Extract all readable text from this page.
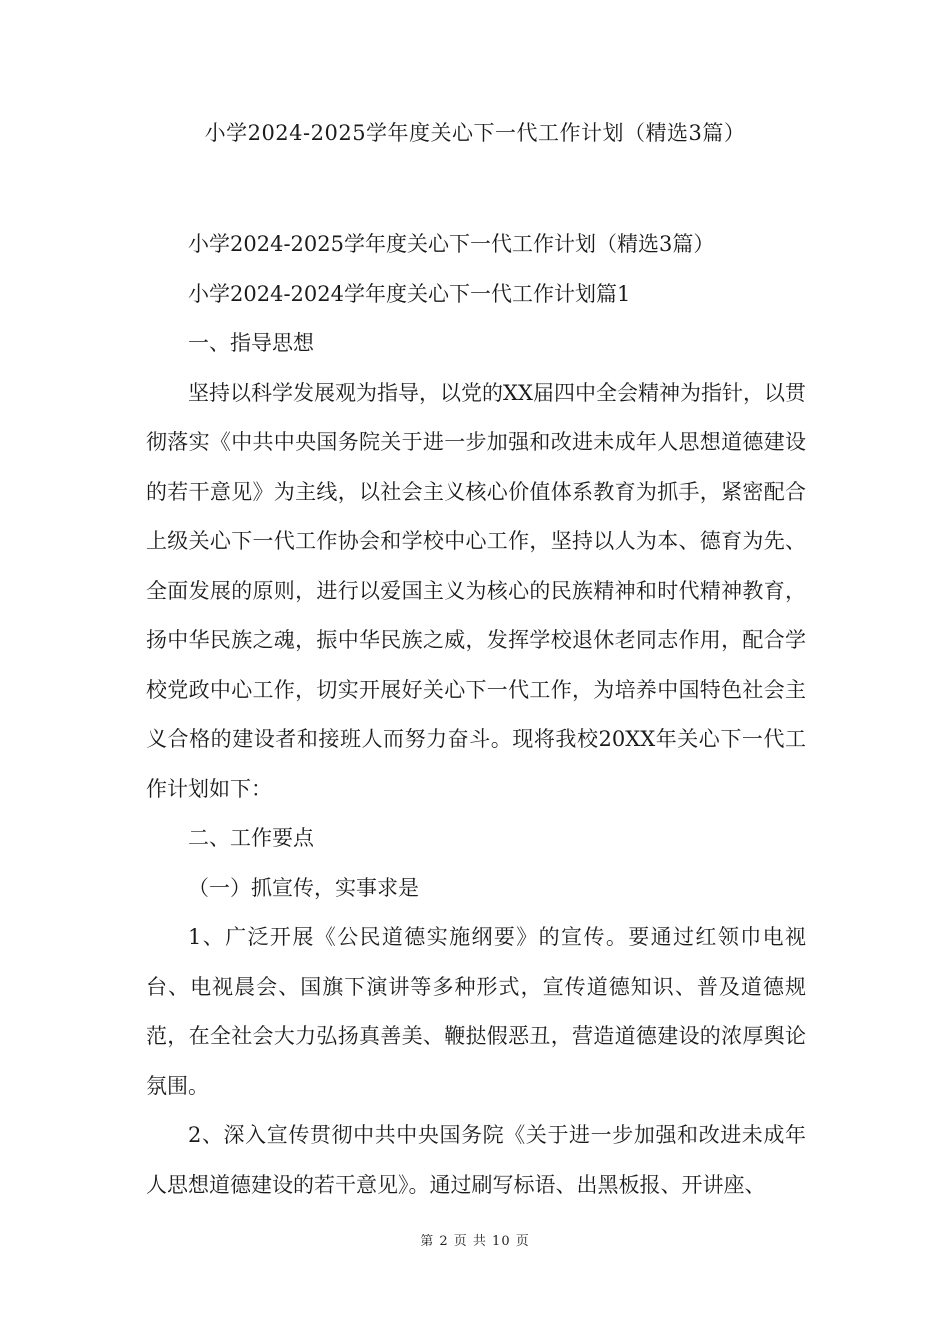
小学2024-2025学年度关心下一代工作计划（精选3篇）

小学2024-2025学年度关心下一代工作计划（精选3篇）

小学2024-2024学年度关心下一代工作计划篇1

一、指导思想

坚持以科学发展观为指导，以党的XX届四中全会精神为指针，以贯彻落实《中共中央国务院关于进一步加强和改进未成年人思想道德建设的若干意见》为主线，以社会主义核心价值体系教育为抓手，紧密配合上级关心下一代工作协会和学校中心工作，坚持以人为本、德育为先、全面发展的原则，进行以爱国主义为核心的民族精神和时代精神教育，扬中华民族之魂，振中华民族之威，发挥学校退休老同志作用，配合学校党政中心工作，切实开展好关心下一代工作，为培养中国特色社会主义合格的建设者和接班人而努力奋斗。现将我校20XX年关心下一代工作计划如下：

二、工作要点

（一）抓宣传，实事求是

1、广泛开展《公民道德实施纲要》的宣传。要通过红领巾电视台、电视晨会、国旗下演讲等多种形式，宣传道德知识、普及道德规范，在全社会大力弘扬真善美、鞭挞假恶丑，营造道德建设的浓厚舆论氛围。

2、深入宣传贯彻中共中央国务院《关于进一步加强和改进未成年人思想道德建设的若干意见》。通过刷写标语、出黑板报、开讲座、

第 2 页 共 10 页
